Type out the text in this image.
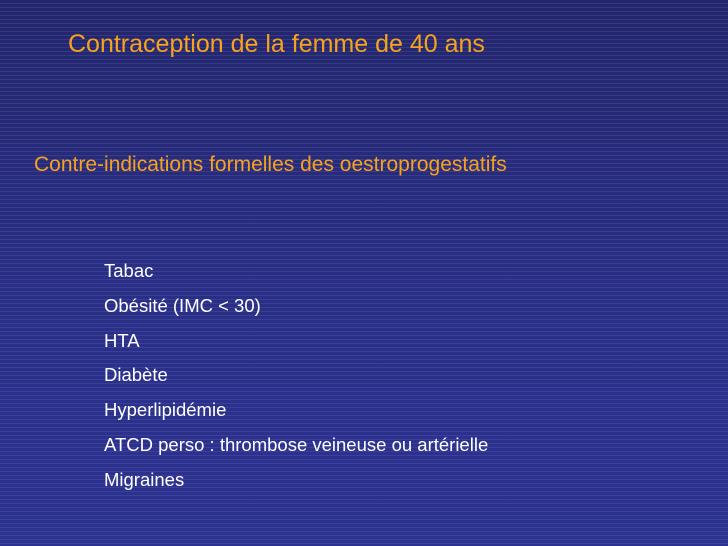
Contraception de la femme de 40 ans
Contre-indications formelles des oestroprogestatifs
Tabac
Obésité (IMC < 30)
HTA
Diabète
Hyperlipidémie
ATCD perso : thrombose veineuse ou artérielle
Migraines
